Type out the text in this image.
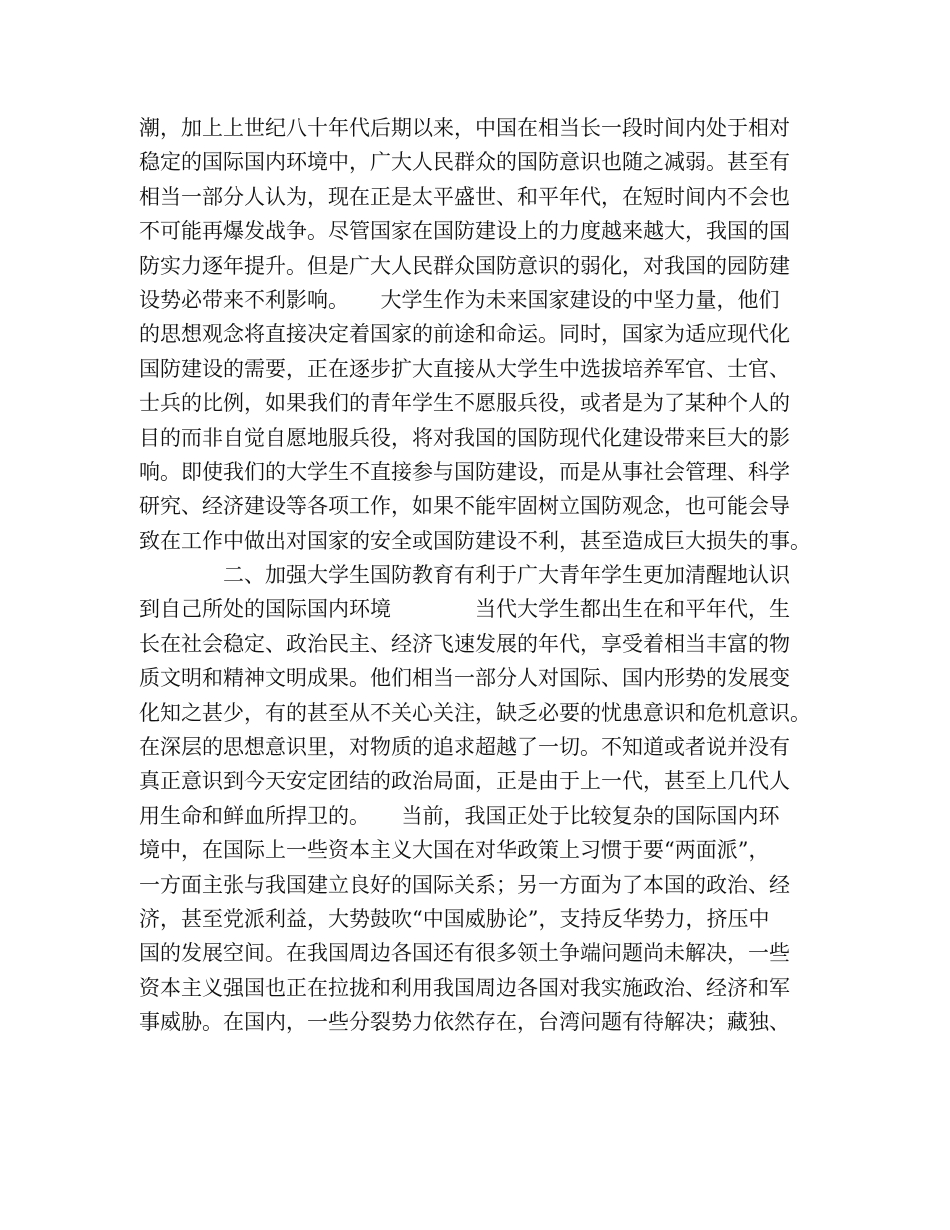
潮，加上上世纪八十年代后期以来，中国在相当长一段时间内处于相对
稳定的国际国内环境中，广大人民群众的国防意识也随之减弱。甚至有
相当一部分人认为，现在正是太平盛世、和平年代，在短时间内不会也
不可能再爆发战争。尽管国家在国防建设上的力度越来越大，我国的国
防实力逐年提升。但是广大人民群众国防意识的弱化，对我国的园防建
设势必带来不利影响。　　大学生作为未来国家建设的中坚力量，他们
的思想观念将直接决定着国家的前途和命运。同时，国家为适应现代化
国防建设的需要，正在逐步扩大直接从大学生中选拔培养军官、士官、
士兵的比例，如果我们的青年学生不愿服兵役，或者是为了某种个人的
目的而非自觉自愿地服兵役，将对我国的国防现代化建设带来巨大的影
响。即使我们的大学生不直接参与国防建设，而是从事社会管理、科学
研究、经济建设等各项工作，如果不能牢固树立国防观念，也可能会导
致在工作中做出对国家的安全或国防建设不利，甚至造成巨大损失的事。
　　　　二、加强大学生国防教育有利于广大青年学生更加清醒地认识
到自己所处的国际国内环境　　　　当代大学生都出生在和平年代，生
长在社会稳定、政治民主、经济飞速发展的年代，享受着相当丰富的物
质文明和精神文明成果。他们相当一部分人对国际、国内形势的发展变
化知之甚少，有的甚至从不关心关注，缺乏必要的忧患意识和危机意识。
在深层的思想意识里，对物质的追求超越了一切。不知道或者说并没有
真正意识到今天安定团结的政治局面，正是由于上一代，甚至上几代人
用生命和鲜血所捍卫的。　　当前，我国正处于比较复杂的国际国内环
境中，在国际上一些资本主义大国在对华政策上习惯于要“两面派”，
一方面主张与我国建立良好的国际关系；另一方面为了本国的政治、经
济，甚至党派利益，大势鼓吹“中国威胁论”，支持反华势力，挤压中
国的发展空间。在我国周边各国还有很多领土争端问题尚未解决，一些
资本主义强国也正在拉拢和利用我国周边各国对我实施政治、经济和军
事威胁。在国内，一些分裂势力依然存在，台湾问题有待解决；藏独、
